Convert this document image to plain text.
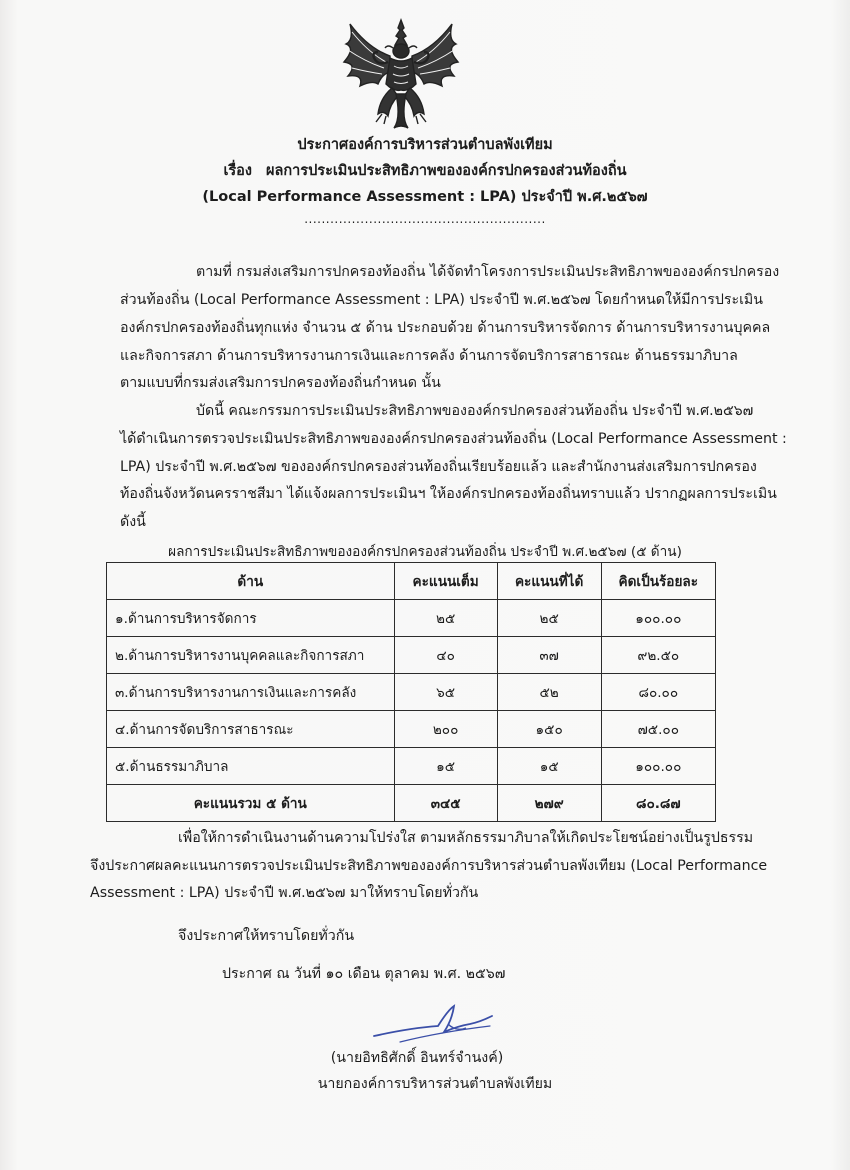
ประกาศองค์การบริหารส่วนตำบลพังเทียม
เรื่อง ผลการประเมินประสิทธิภาพขององค์กรปกครองส่วนท้องถิ่น
(Local Performance Assessment : LPA) ประจำปี พ.ศ.๒๕๖๗
........................................................
ตามที่ กรมส่งเสริมการปกครองท้องถิ่น ได้จัดทำโครงการประเมินประสิทธิภาพขององค์กรปกครอง
ส่วนท้องถิ่น (Local Performance Assessment : LPA) ประจำปี พ.ศ.๒๕๖๗ โดยกำหนดให้มีการประเมิน
องค์กรปกครองท้องถิ่นทุกแห่ง จำนวน ๕ ด้าน ประกอบด้วย ด้านการบริหารจัดการ ด้านการบริหารงานบุคคล
และกิจการสภา ด้านการบริหารงานการเงินและการคลัง ด้านการจัดบริการสาธารณะ ด้านธรรมาภิบาล
ตามแบบที่กรมส่งเสริมการปกครองท้องถิ่นกำหนด นั้น
บัดนี้ คณะกรรมการประเมินประสิทธิภาพขององค์กรปกครองส่วนท้องถิ่น ประจำปี พ.ศ.๒๕๖๗
ได้ดำเนินการตรวจประเมินประสิทธิภาพขององค์กรปกครองส่วนท้องถิ่น (Local Performance Assessment :
LPA) ประจำปี พ.ศ.๒๕๖๗ ขององค์กรปกครองส่วนท้องถิ่นเรียบร้อยแล้ว และสำนักงานส่งเสริมการปกครอง
ท้องถิ่นจังหวัดนครราชสีมา ได้แจ้งผลการประเมินฯ ให้องค์กรปกครองท้องถิ่นทราบแล้ว ปรากฏผลการประเมิน
ดังนี้
ผลการประเมินประสิทธิภาพขององค์กรปกครองส่วนท้องถิ่น ประจำปี พ.ศ.๒๕๖๗ (๕ ด้าน)
ด้าน	คะแนนเต็ม	คะแนนที่ได้	คิดเป็นร้อยละ
๑.ด้านการบริหารจัดการ	๒๕	๒๕	๑๐๐.๐๐
๒.ด้านการบริหารงานบุคคลและกิจการสภา	๔๐	๓๗	๙๒.๕๐
๓.ด้านการบริหารงานการเงินและการคลัง	๖๕	๕๒	๘๐.๐๐
๔.ด้านการจัดบริการสาธารณะ	๒๐๐	๑๕๐	๗๕.๐๐
๕.ด้านธรรมาภิบาล	๑๕	๑๕	๑๐๐.๐๐
คะแนนรวม ๕ ด้าน	๓๔๕	๒๗๙	๘๐.๘๗
เพื่อให้การดำเนินงานด้านความโปร่งใส ตามหลักธรรมาภิบาลให้เกิดประโยชน์อย่างเป็นรูปธรรม
จึงประกาศผลคะแนนการตรวจประเมินประสิทธิภาพขององค์การบริหารส่วนตำบลพังเทียม (Local Performance
Assessment : LPA) ประจำปี พ.ศ.๒๕๖๗ มาให้ทราบโดยทั่วกัน
จึงประกาศให้ทราบโดยทั่วกัน
ประกาศ ณ วันที่ ๑๐ เดือน ตุลาคม พ.ศ. ๒๕๖๗
(นายอิทธิศักดิ์ อินทร์จำนงค์)
นายกองค์การบริหารส่วนตำบลพังเทียม
